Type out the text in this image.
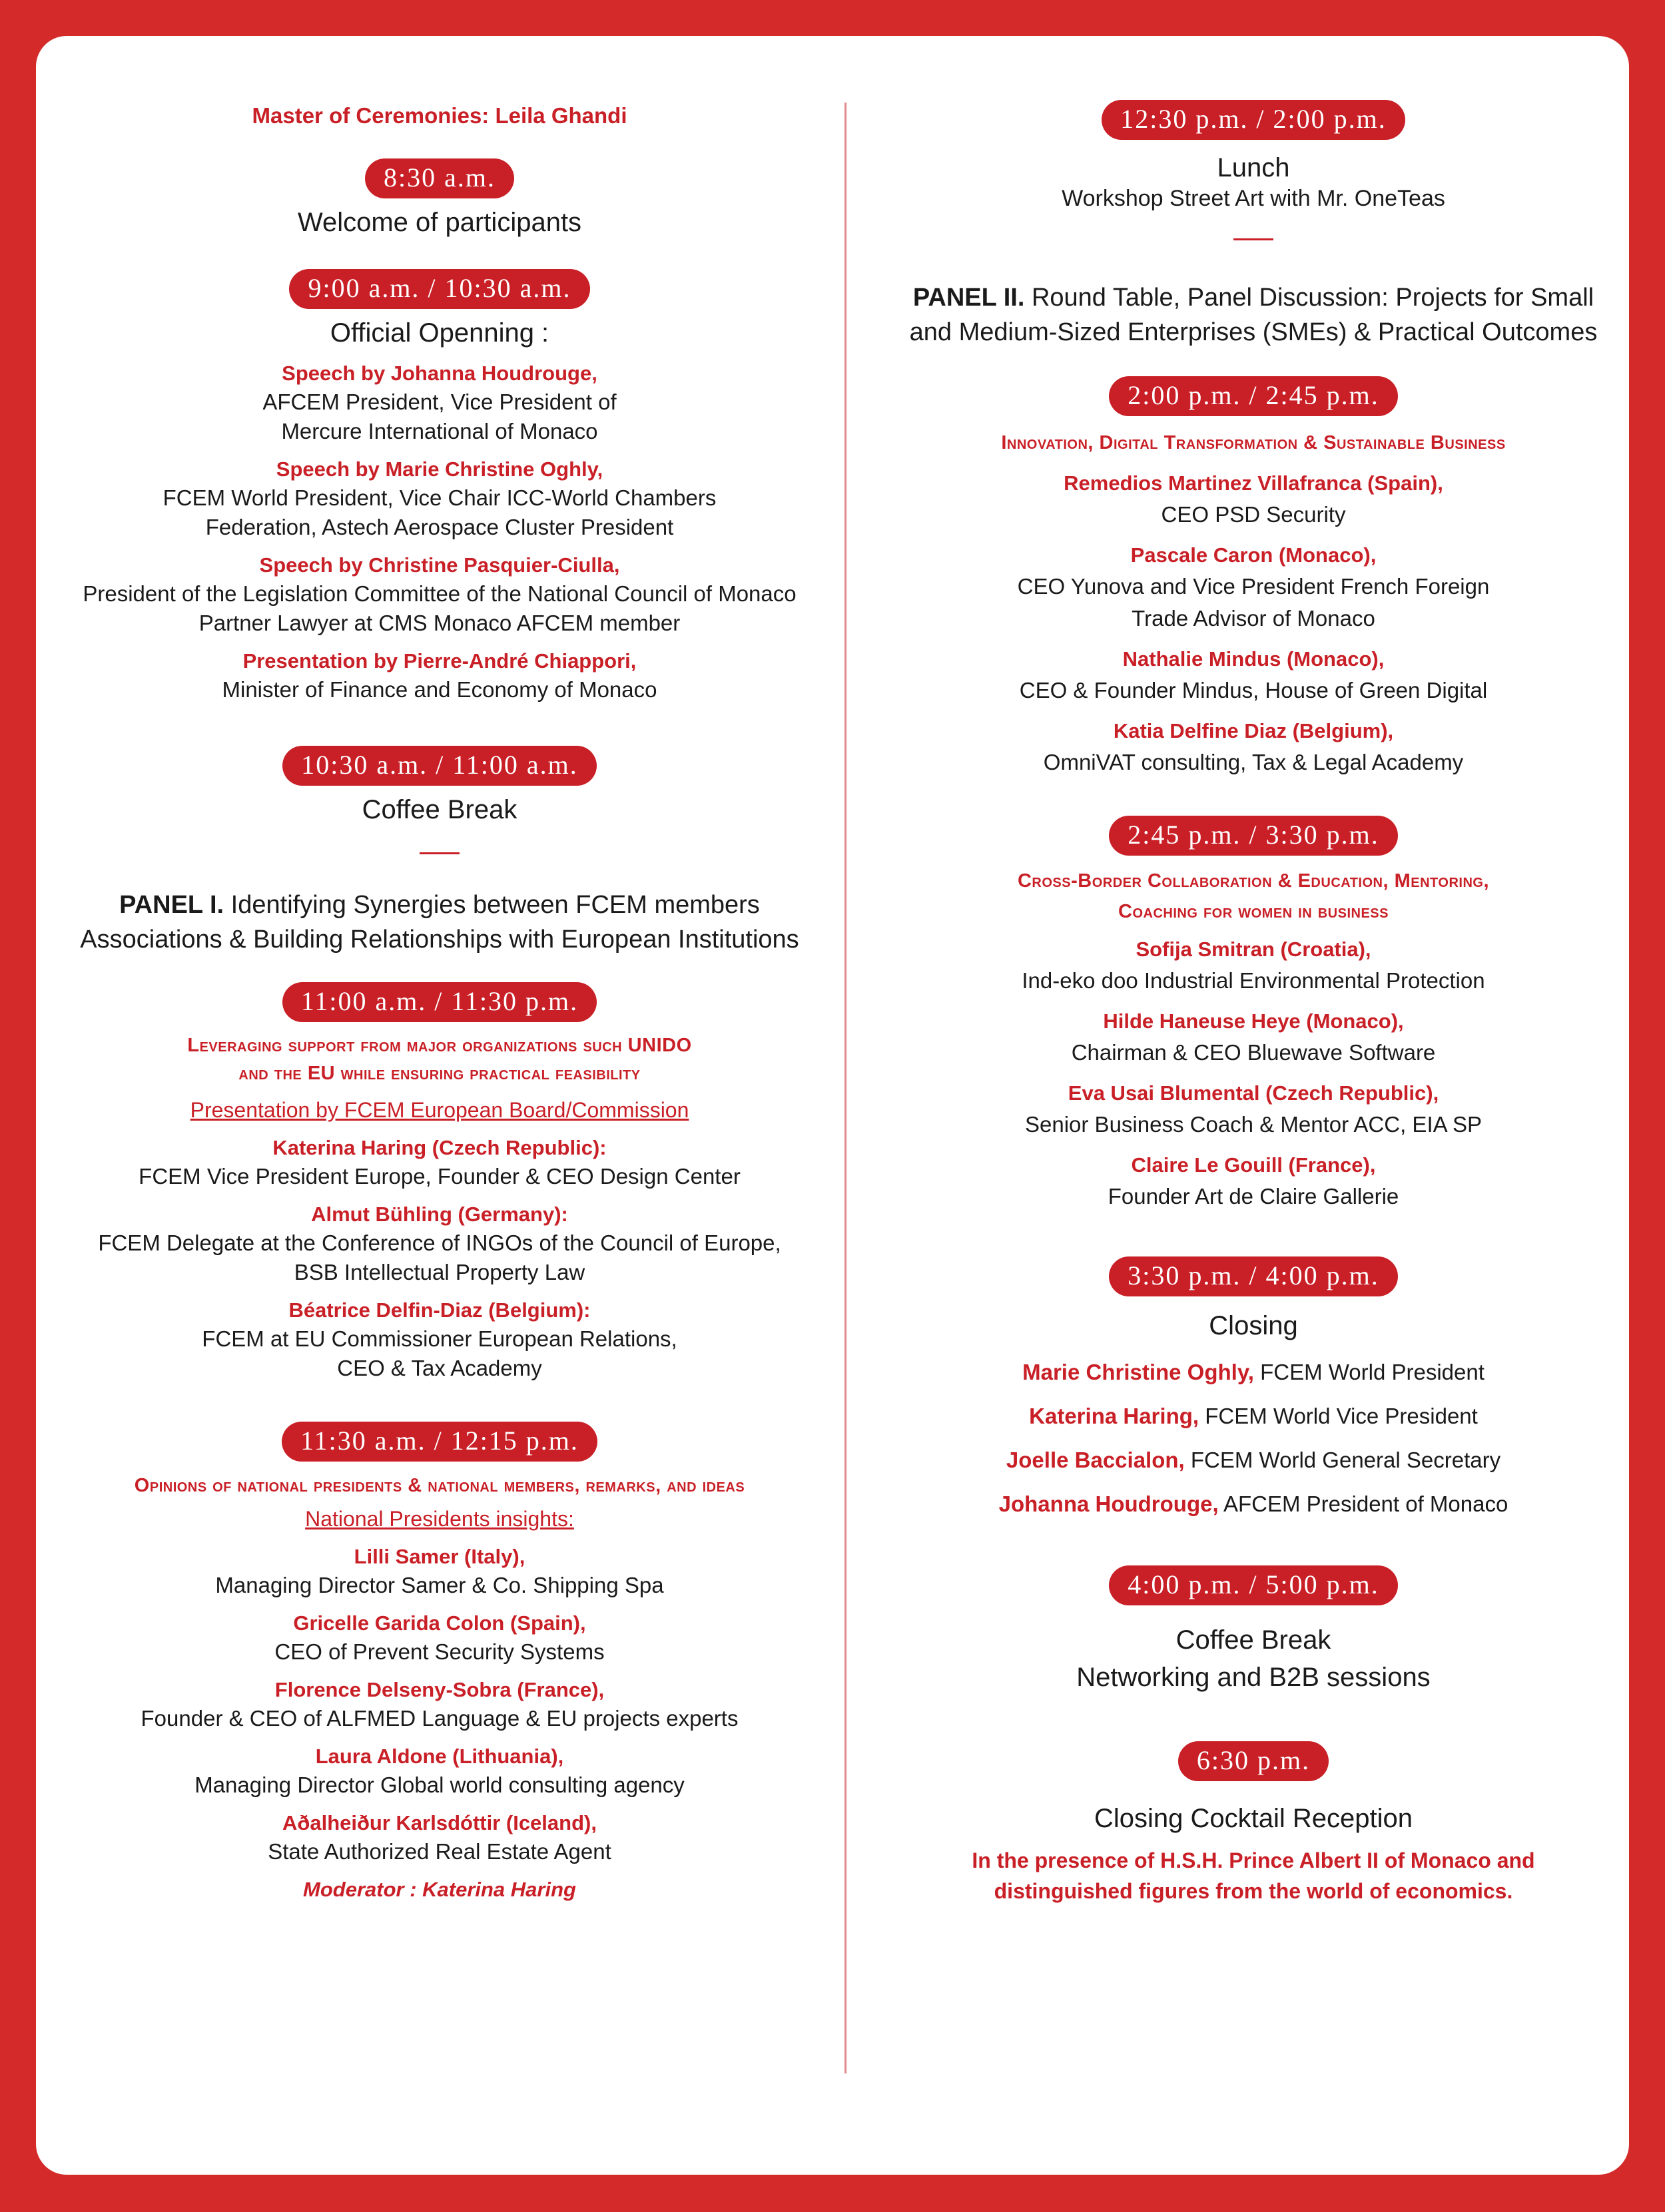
Master of Ceremonies: Leila Ghandi
8:30 a.m.
Welcome of participants
9:00 a.m. / 10:30 a.m.
Official Openning :
Speech by Johanna Houdrouge,
AFCEM President, Vice President of
Mercure International of Monaco
Speech by Marie Christine Oghly,
FCEM World President, Vice Chair ICC-World Chambers
Federation, Astech Aerospace Cluster President
Speech by Christine Pasquier-Ciulla,
President of the Legislation Committee of the National Council of Monaco
Partner Lawyer at CMS Monaco AFCEM member
Presentation by Pierre-André Chiappori,
Minister of Finance and Economy of Monaco
10:30 a.m. / 11:00 a.m.
Coffee Break
PANEL I. Identifying Synergies between FCEM members
Associations & Building Relationships with European Institutions
11:00 a.m. / 11:30 p.m.
Leveraging support from major organizations such UNIDO
and the EU while ensuring practical feasibility
Presentation by FCEM European Board/Commission
Katerina Haring (Czech Republic):
FCEM Vice President Europe, Founder & CEO Design Center
Almut Bühling (Germany):
FCEM Delegate at the Conference of INGOs of the Council of Europe,
BSB Intellectual Property Law
Béatrice Delfin-Diaz (Belgium):
FCEM at EU Commissioner European Relations,
CEO & Tax Academy
11:30 a.m. / 12:15 p.m.
Opinions of national presidents & national members, remarks, and ideas
National Presidents insights:
Lilli Samer (Italy),
Managing Director Samer & Co. Shipping Spa
Gricelle Garida Colon (Spain),
CEO of Prevent Security Systems
Florence Delseny-Sobra (France),
Founder & CEO of ALFMED Language & EU projects experts
Laura Aldone (Lithuania),
Managing Director Global world consulting agency
Aðalheiður Karlsdóttir (Iceland),
State Authorized Real Estate Agent
Moderator : Katerina Haring
12:30 p.m. / 2:00 p.m.
Lunch
Workshop Street Art with Mr. OneTeas
PANEL II. Round Table, Panel Discussion: Projects for Small
and Medium-Sized Enterprises (SMEs) & Practical Outcomes
2:00 p.m. / 2:45 p.m.
Innovation, Digital Transformation & Sustainable Business
Remedios Martinez Villafranca (Spain),
CEO PSD Security
Pascale Caron (Monaco),
CEO Yunova and Vice President French Foreign
Trade Advisor of Monaco
Nathalie Mindus (Monaco),
CEO & Founder Mindus, House of Green Digital
Katia Delfine Diaz (Belgium),
OmniVAT consulting, Tax & Legal Academy
2:45 p.m. / 3:30 p.m.
Cross-Border Collaboration & Education, Mentoring,
Coaching for women in business
Sofija Smitran (Croatia),
Ind-eko doo Industrial Environmental Protection
Hilde Haneuse Heye (Monaco),
Chairman & CEO Bluewave Software
Eva Usai Blumental (Czech Republic),
Senior Business Coach & Mentor ACC, EIA SP
Claire Le Gouill (France),
Founder Art de Claire Gallerie
3:30 p.m. / 4:00 p.m.
Closing
Marie Christine Oghly, FCEM World President
Katerina Haring, FCEM World Vice President
Joelle Baccialon, FCEM World General Secretary
Johanna Houdrouge, AFCEM President of Monaco
4:00 p.m. / 5:00 p.m.
Coffee Break
Networking and B2B sessions
6:30 p.m.
Closing Cocktail Reception
In the presence of H.S.H. Prince Albert II of Monaco and
distinguished figures from the world of economics.
